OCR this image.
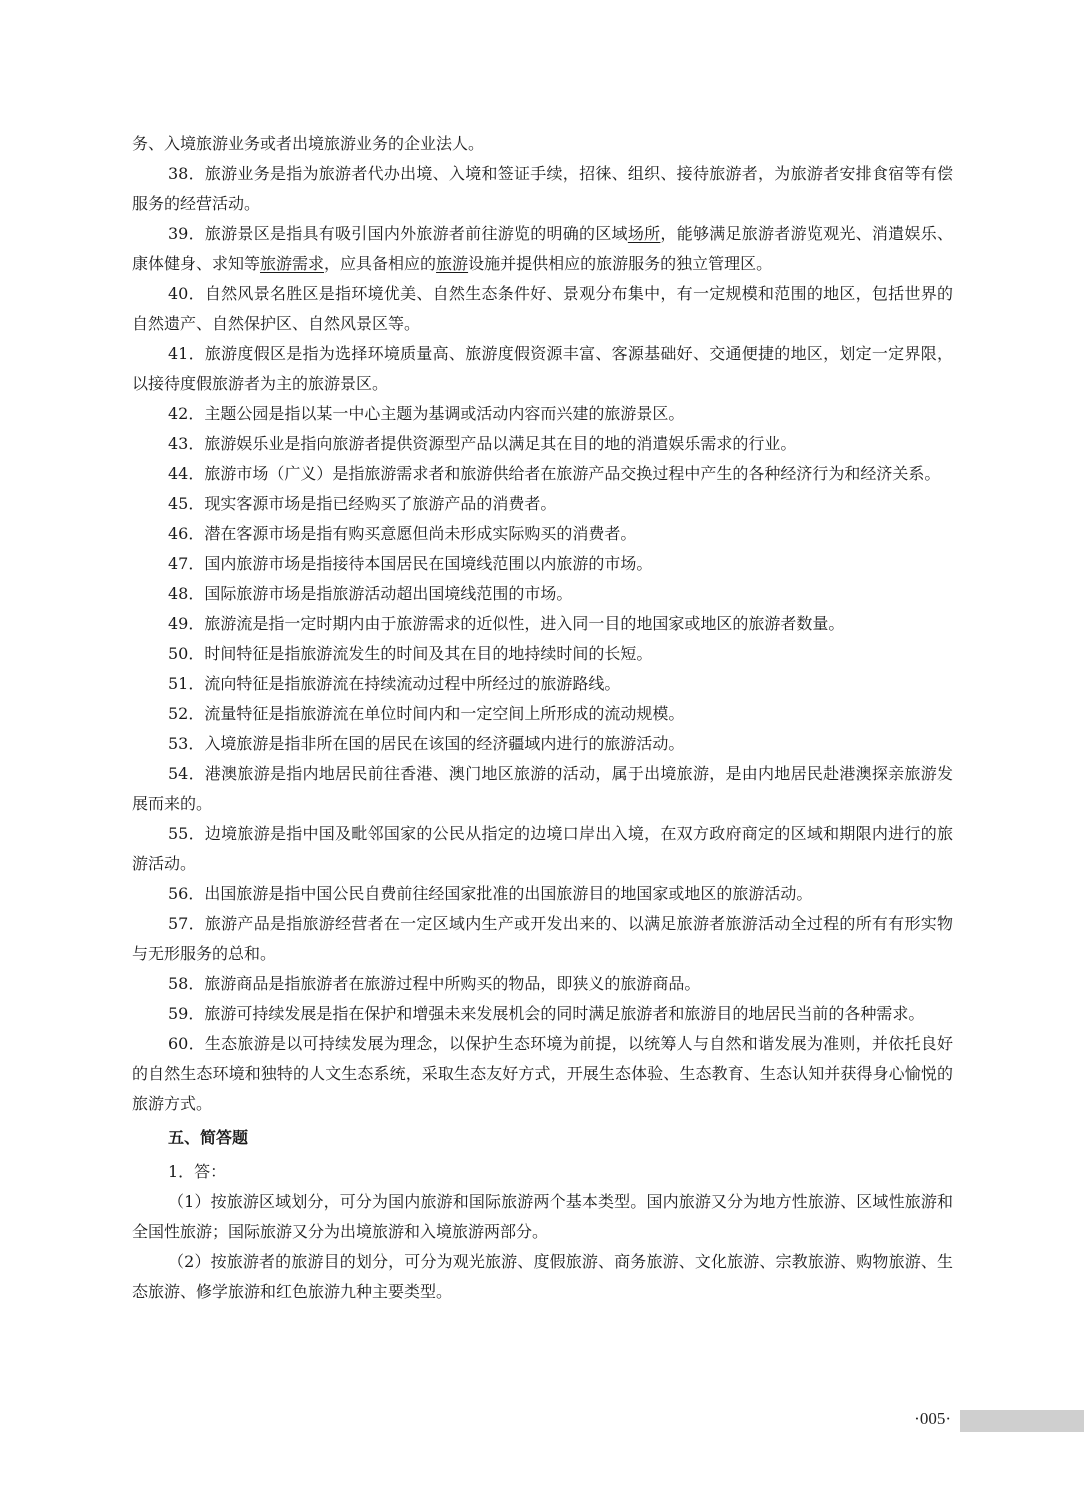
务、入境旅游业务或者出境旅游业务的企业法人。

38．旅游业务是指为旅游者代办出境、入境和签证手续，招徕、组织、接待旅游者，为旅游者安排食宿等有偿服务的经营活动。

39．旅游景区是指具有吸引国内外旅游者前往游览的明确的区域场所，能够满足旅游者游览观光、消遣娱乐、康体健身、求知等旅游需求，应具备相应的旅游设施并提供相应的旅游服务的独立管理区。

40．自然风景名胜区是指环境优美、自然生态条件好、景观分布集中，有一定规模和范围的地区，包括世界的自然遗产、自然保护区、自然风景区等。

41．旅游度假区是指为选择环境质量高、旅游度假资源丰富、客源基础好、交通便捷的地区，划定一定界限，以接待度假旅游者为主的旅游景区。

42．主题公园是指以某一中心主题为基调或活动内容而兴建的旅游景区。

43．旅游娱乐业是指向旅游者提供资源型产品以满足其在目的地的消遣娱乐需求的行业。

44．旅游市场（广义）是指旅游需求者和旅游供给者在旅游产品交换过程中产生的各种经济行为和经济关系。

45．现实客源市场是指已经购买了旅游产品的消费者。

46．潜在客源市场是指有购买意愿但尚未形成实际购买的消费者。

47．国内旅游市场是指接待本国居民在国境线范围以内旅游的市场。

48．国际旅游市场是指旅游活动超出国境线范围的市场。

49．旅游流是指一定时期内由于旅游需求的近似性，进入同一目的地国家或地区的旅游者数量。

50．时间特征是指旅游流发生的时间及其在目的地持续时间的长短。

51．流向特征是指旅游流在持续流动过程中所经过的旅游路线。

52．流量特征是指旅游流在单位时间内和一定空间上所形成的流动规模。

53．入境旅游是指非所在国的居民在该国的经济疆域内进行的旅游活动。

54．港澳旅游是指内地居民前往香港、澳门地区旅游的活动，属于出境旅游，是由内地居民赴港澳探亲旅游发展而来的。

55．边境旅游是指中国及毗邻国家的公民从指定的边境口岸出入境，在双方政府商定的区域和期限内进行的旅游活动。

56．出国旅游是指中国公民自费前往经国家批准的出国旅游目的地国家或地区的旅游活动。

57．旅游产品是指旅游经营者在一定区域内生产或开发出来的、以满足旅游者旅游活动全过程的所有有形实物与无形服务的总和。

58．旅游商品是指旅游者在旅游过程中所购买的物品，即狭义的旅游商品。

59．旅游可持续发展是指在保护和增强未来发展机会的同时满足旅游者和旅游目的地居民当前的各种需求。

60．生态旅游是以可持续发展为理念，以保护生态环境为前提，以统筹人与自然和谐发展为准则，并依托良好的自然生态环境和独特的人文生态系统，采取生态友好方式，开展生态体验、生态教育、生态认知并获得身心愉悦的旅游方式。

五、简答题

1．答：

（1）按旅游区域划分，可分为国内旅游和国际旅游两个基本类型。国内旅游又分为地方性旅游、区域性旅游和全国性旅游；国际旅游又分为出境旅游和入境旅游两部分。

（2）按旅游者的旅游目的划分，可分为观光旅游、度假旅游、商务旅游、文化旅游、宗教旅游、购物旅游、生态旅游、修学旅游和红色旅游九种主要类型。

·005·
